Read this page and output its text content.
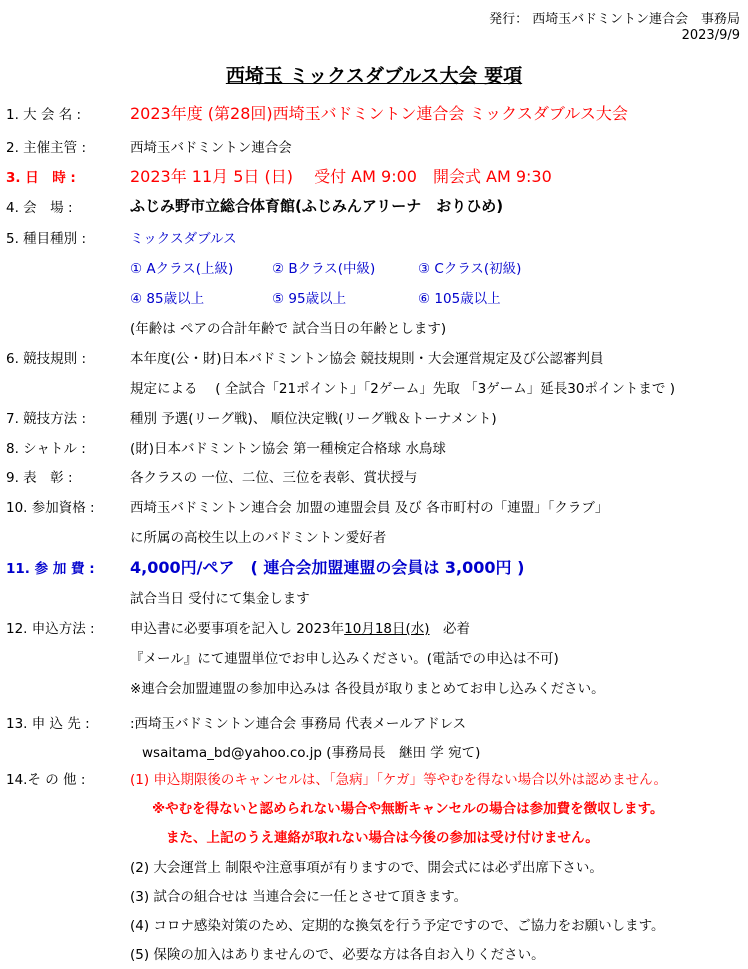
発行： 西埼玉バドミントン連合会　事務局
2023/9/9
西埼玉 ミックスダブルス大会 要項
1. 大 会 名 :	2023年度 (第28回)西埼玉バドミントン連合会 ミックスダブルス大会
2. 主催主管 :	西埼玉バドミントン連合会
3. 日　時 :	2023年 11月 5日 (日)　 受付 AM 9:00　開会式 AM 9:30
4. 会　場 :	ふじみ野市立総合体育館(ふじみんアリーナ　おりひめ)
5. 種目種別 :	ミックスダブルス
① Aクラス(上級)	② Bクラス(中級)	③ Cクラス(初級)
④ 85歳以上	⑤ 95歳以上	⑥ 105歳以上
(年齢は ペアの合計年齢で 試合当日の年齢とします)
6. 競技規則 :	本年度(公・財)日本バドミントン協会 競技規則・大会運営規定及び公認審判員
規定による　 ( 全試合「21ポイント」「2ゲーム」先取 「3ゲーム」延長30ポイントまで )
7. 競技方法 :	種別 予選(リーグ戦)、 順位決定戦(リーグ戦＆トーナメント)
8. シャトル :	(財)日本バドミントン協会 第一種検定合格球 水鳥球
9. 表　彰 :	各クラスの 一位、二位、三位を表彰、賞状授与
10. 参加資格 :	西埼玉バドミントン連合会 加盟の連盟会員 及び 各市町村の「連盟」「クラブ」
に所属の高校生以上のバドミントン愛好者
11. 参 加 費 : 4,000円/ペア　( 連合会加盟連盟の会員は 3,000円 )
試合当日 受付にて集金します
12. 申込方法 :	申込書に必要事項を記入し 2023年10月18日(水)　必着
『メール』にて連盟単位でお申し込みください。(電話での申込は不可)
※連合会加盟連盟の参加申込みは 各役員が取りまとめてお申し込みください。
13. 申 込 先 :	:西埼玉バドミントン連合会 事務局 代表メールアドレス
wsaitama_bd@yahoo.co.jp (事務局長　継田 学 宛て)
14.そ の 他 :	(1) 申込期限後のキャンセルは、「急病」「ケガ」等やむを得ない場合以外は認めません。
※やむを得ないと認められない場合や無断キャンセルの場合は参加費を徴収します。
また、上記のうえ連絡が取れない場合は今後の参加は受け付けません。
(2) 大会運営上 制限や注意事項が有りますので、開会式には必ず出席下さい。
(3) 試合の組合せは 当連合会に一任とさせて頂きます。
(4) コロナ感染対策のため、定期的な換気を行う予定ですので、ご協力をお願いします。
(5) 保険の加入はありませんので、必要な方は各自お入りください。
